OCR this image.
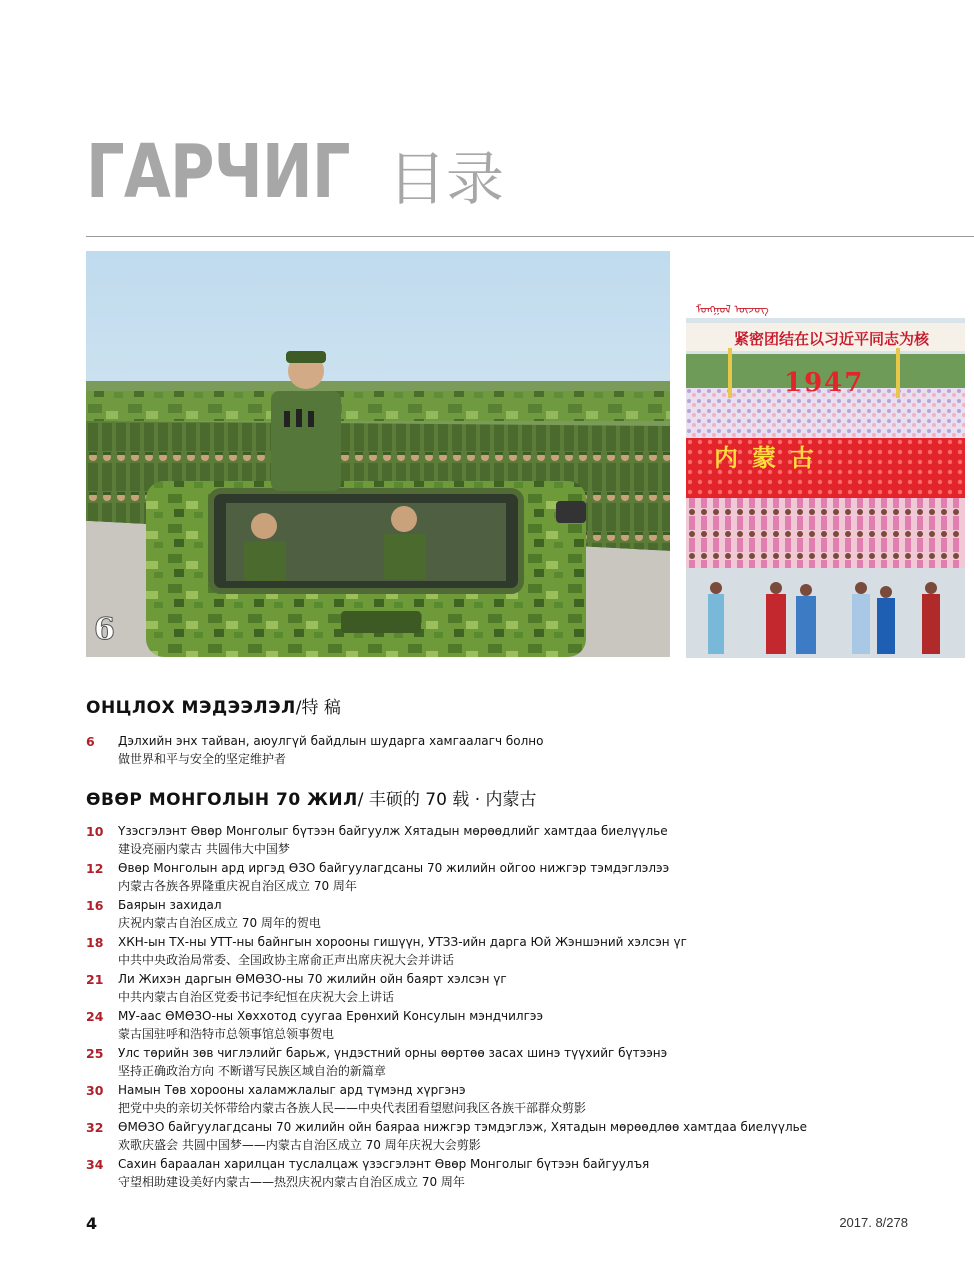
ГАРЧИГ 目录
6
ᠮᠣᠩᠭᠣᠯ ᠦᠵᠦᠭ
紧密团结在以习近平同志为核
1947
内蒙古
ОНЦЛОХ МЭДЭЭЛЭЛ/特 稿
6	Дэлхийн энх тайван, аюулгүй байдлын шударга хамгаалагч болно
做世界和平与安全的坚定维护者
ӨВӨР МОНГОЛЫН 70 ЖИЛ/ 丰硕的 70 载 · 内蒙古
10	Үзэсгэлэнт Өвөр Монголыг бүтээн байгуулж Хятадын мөрөөдлийг хамтдаа биелүүлье
建设亮丽内蒙古 共圆伟大中国梦
12	Өвөр Монголын ард иргэд ӨЗО байгуулагдсаны 70 жилийн ойгоо нижгэр тэмдэглэлээ
内蒙古各族各界隆重庆祝自治区成立 70 周年
16	Баярын захидал
庆祝内蒙古自治区成立 70 周年的贺电
18	ХКН-ын ТХ-ны УТТ-ны байнгын хорооны гишүүн, УТЗЗ-ийн дарга Юй Жэншэний хэлсэн үг
中共中央政治局常委、全国政协主席俞正声出席庆祝大会并讲话
21	Ли Жихэн даргын ӨМӨЗО-ны 70 жилийн ойн баярт хэлсэн үг
中共内蒙古自治区党委书记李纪恒在庆祝大会上讲话
24	МУ-аас ӨМӨЗО-ны Хөххотод суугаа Ерөнхий Консулын мэндчилгээ
蒙古国驻呼和浩特市总领事馆总领事贺电
25	Улс төрийн зөв чиглэлийг барьж, үндэстний орны өөртөө засах шинэ түүхийг бүтээнэ
坚持正确政治方向 不断谱写民族区域自治的新篇章
30	Намын Төв хорооны халамжлалыг ард түмэнд хүргэнэ
把党中央的亲切关怀带给内蒙古各族人民——中央代表团看望慰问我区各族干部群众剪影
32	ӨМӨЗО байгуулагдсаны 70 жилийн ойн баяраа нижгэр тэмдэглэж, Хятадын мөрөөдлөө хамтдаа биелүүлье
欢歌庆盛会 共圆中国梦——内蒙古自治区成立 70 周年庆祝大会剪影
34	Сахин бараалан харилцан туслалцаж үзэсгэлэнт Өвөр Монголыг бүтээн байгуулъя
守望相助建设美好内蒙古——热烈庆祝内蒙古自治区成立 70 周年
4	2017. 8/278
